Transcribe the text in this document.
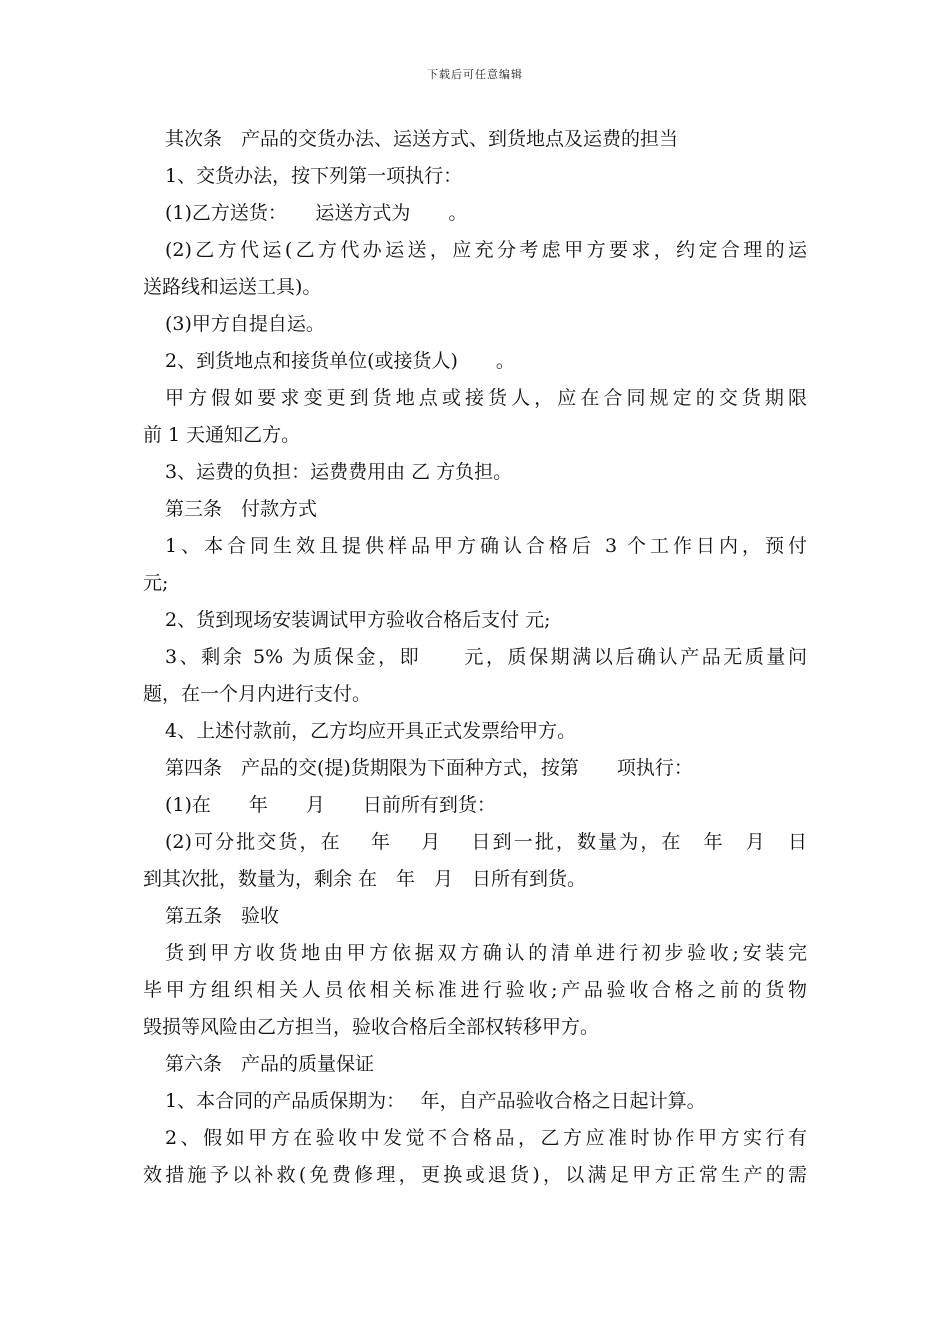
下载后可任意编辑
其次条　产品的交货办法、运送方式、到货地点及运费的担当
1、交货办法，按下列第一项执行：
(1)乙方送货：　　运送方式为　　。
(2)乙方代运(乙方代办运送，应充分考虑甲方要求，约定合理的运
送路线和运送工具)。
(3)甲方自提自运。
2、到货地点和接货单位(或接货人)　　。
甲方假如要求变更到货地点或接货人，应在合同规定的交货期限
前 1 天通知乙方。
3、运费的负担：运费费用由 乙 方负担。
第三条　付款方式
1、本合同生效且提供样品甲方确认合格后 3 个工作日内，预付
元;
2、货到现场安装调试甲方验收合格后支付 元;
3、剩余 5% 为质保金，即　　元，质保期满以后确认产品无质量问
题，在一个月内进行支付。
4、上述付款前，乙方均应开具正式发票给甲方。
第四条　产品的交(提)货期限为下面种方式，按第　　项执行：
(1)在　　年　　月　　日前所有到货：
(2)可分批交货，在　 年　 月　 日到一批，数量为，在　年　月　日
到其次批，数量为，剩余 在　年　月　日所有到货。
第五条　验收
货到甲方收货地由甲方依据双方确认的清单进行初步验收;安装完
毕甲方组织相关人员依相关标准进行验收;产品验收合格之前的货物
毁损等风险由乙方担当，验收合格后全部权转移甲方。
第六条　产品的质量保证
1、本合同的产品质保期为：　 年，自产品验收合格之日起计算。
2、假如甲方在验收中发觉不合格品，乙方应准时协作甲方实行有
效措施予以补救(免费修理，更换或退货)，以满足甲方正常生产的需
